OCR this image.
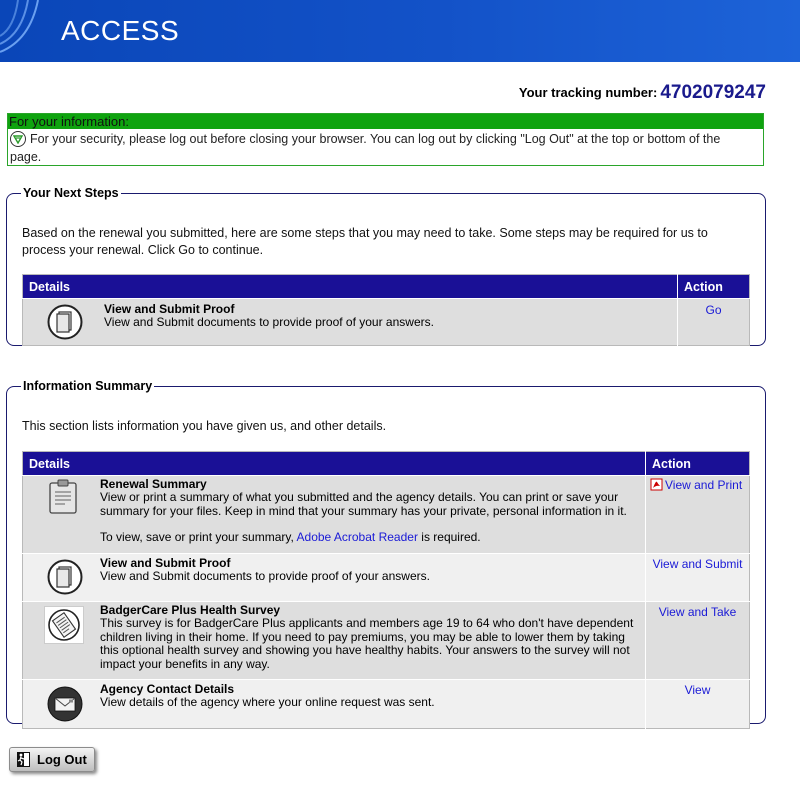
ACCESS
Your tracking number: 4702079247
For your information:
For your security, please log out before closing your browser. You can log out by clicking "Log Out" at the top or bottom of the page.
Your Next Steps
Based on the renewal you submitted, here are some steps that you may need to take. Some steps may be required for us to process your renewal. Click Go to continue.
Details	Action

View and Submit Proof
View and Submit documents to provide proof of your answers.	Go
Information Summary
This section lists information you have given us, and other details.
Details	Action

Renewal Summary
View or print a summary of what you submitted and the agency details. You can print or save your summary for your files. Keep in mind that your summary has your private, personal information in it.
To view, save or print your summary, Adobe Acrobat Reader is required.	View and Print

View and Submit Proof
View and Submit documents to provide proof of your answers.	View and Submit

BadgerCare Plus Health Survey
This survey is for BadgerCare Plus applicants and members age 19 to 64 who don't have dependent children living in their home. If you need to pay premiums, you may be able to lower them by taking this optional health survey and showing you have healthy habits. Your answers to the survey will not impact your benefits in any way.	View and Take

Agency Contact Details
View details of the agency where your online request was sent.	View
Log Out
